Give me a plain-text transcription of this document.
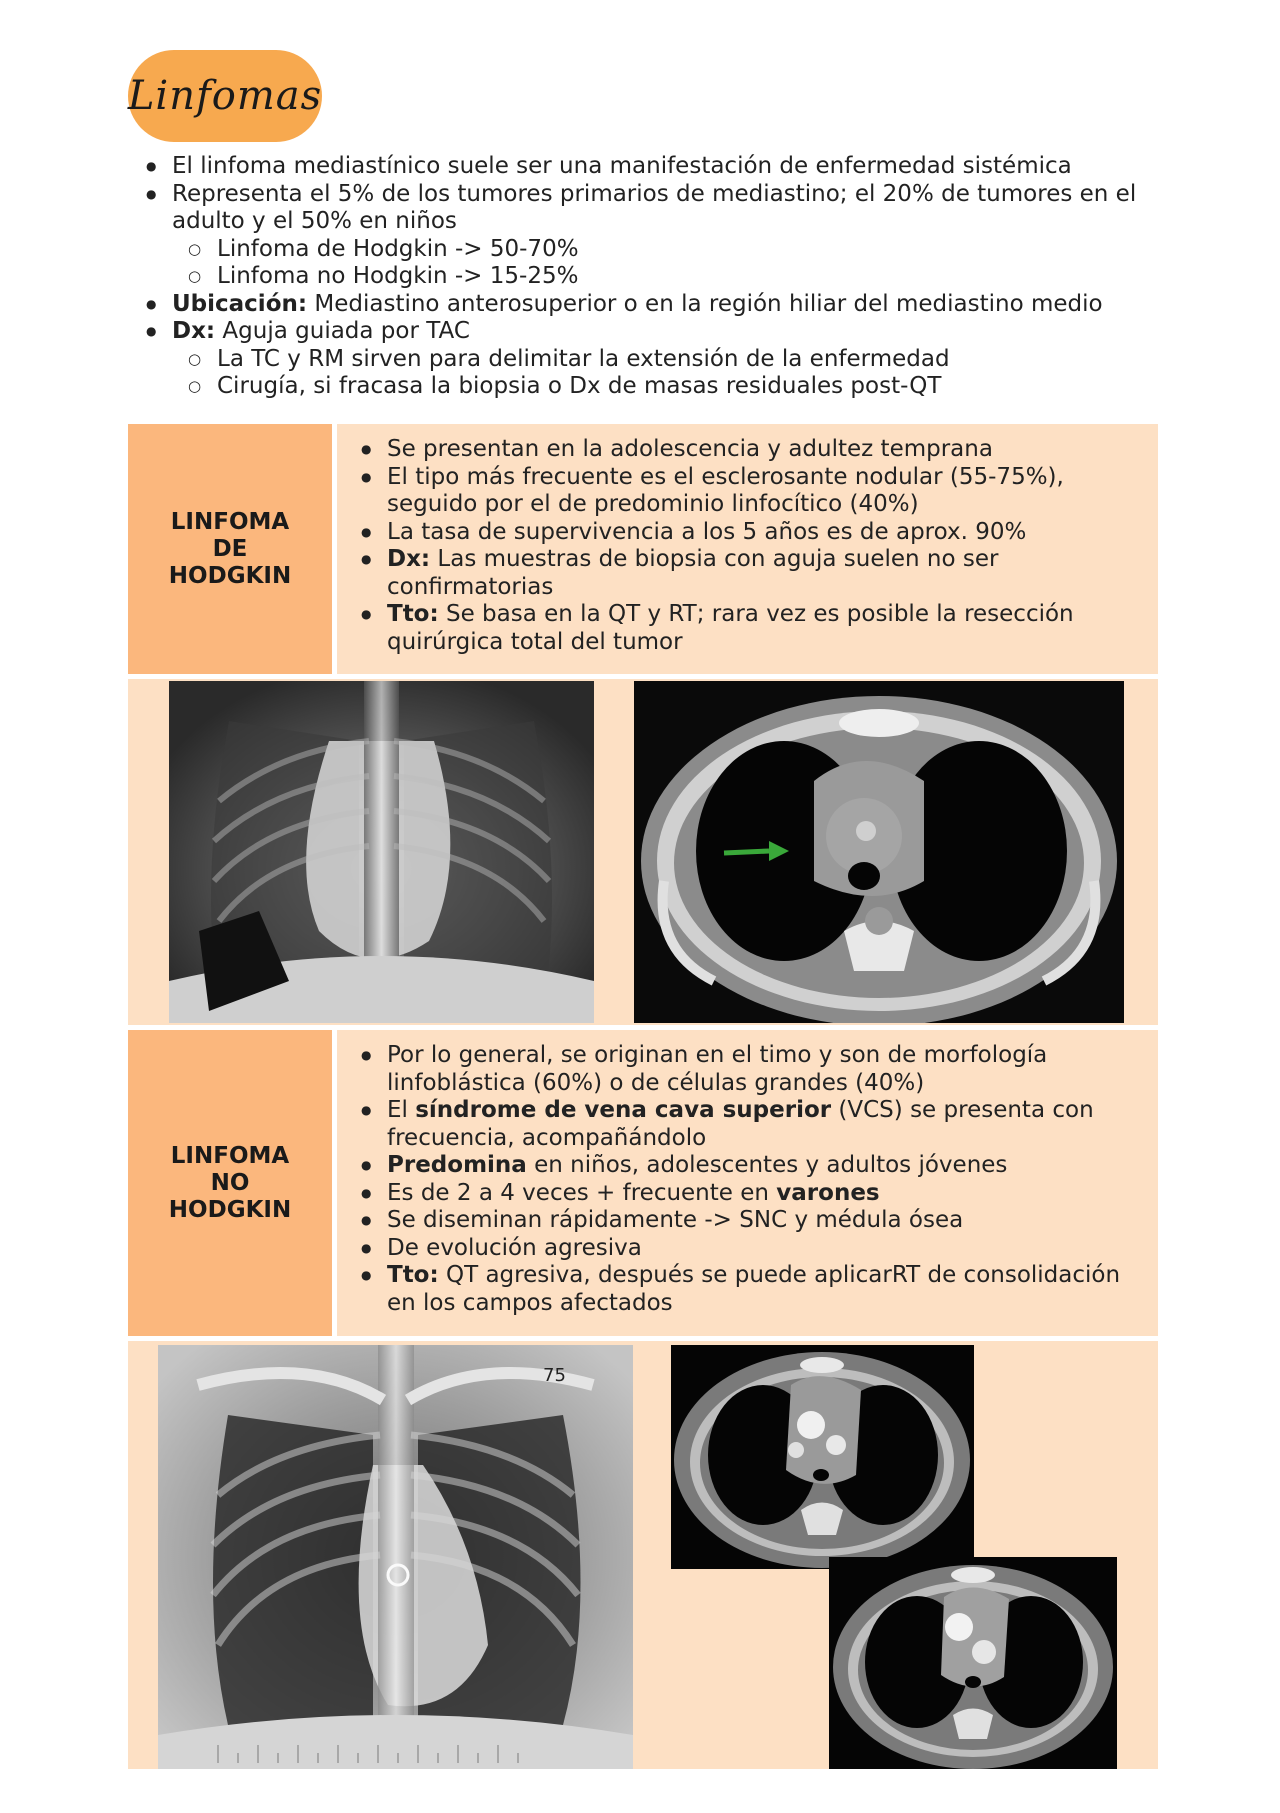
Linfomas
● El linfoma mediastínico suele ser una manifestación de enfermedad sistémica
● Representa el 5% de los tumores primarios de mediastino; el 20% de tumores en el adulto y el 50% en niños
○ Linfoma de Hodgkin -> 50-70%
○ Linfoma no Hodgkin -> 15-25%
● Ubicación: Mediastino anterosuperior o en la región hiliar del mediastino medio
● Dx: Aguja guiada por TAC
○ La TC y RM sirven para delimitar la extensión de la enfermedad
○ Cirugía, si fracasa la biopsia o Dx de masas residuales post-QT
LINFOMA DE HODGKIN
● Se presentan en la adolescencia y adultez temprana
● El tipo más frecuente es el esclerosante nodular (55-75%), seguido por el de predominio linfocítico (40%)
● La tasa de supervivencia a los 5 años es de aprox. 90%
● Dx: Las muestras de biopsia con aguja suelen no ser confirmatorias
● Tto: Se basa en la QT y RT; rara vez es posible la resección quirúrgica total del tumor
LINFOMA NO HODGKIN
● Por lo general, se originan en el timo y son de morfología linfoblástica (60%) o de células grandes (40%)
● El síndrome de vena cava superior (VCS) se presenta con frecuencia, acompañándolo
● Predomina en niños, adolescentes y adultos jóvenes
● Es de 2 a 4 veces + frecuente en varones
● Se diseminan rápidamente -> SNC y médula ósea
● De evolución agresiva
● Tto: QT agresiva, después se puede aplicarRT de consolidación en los campos afectados
75
